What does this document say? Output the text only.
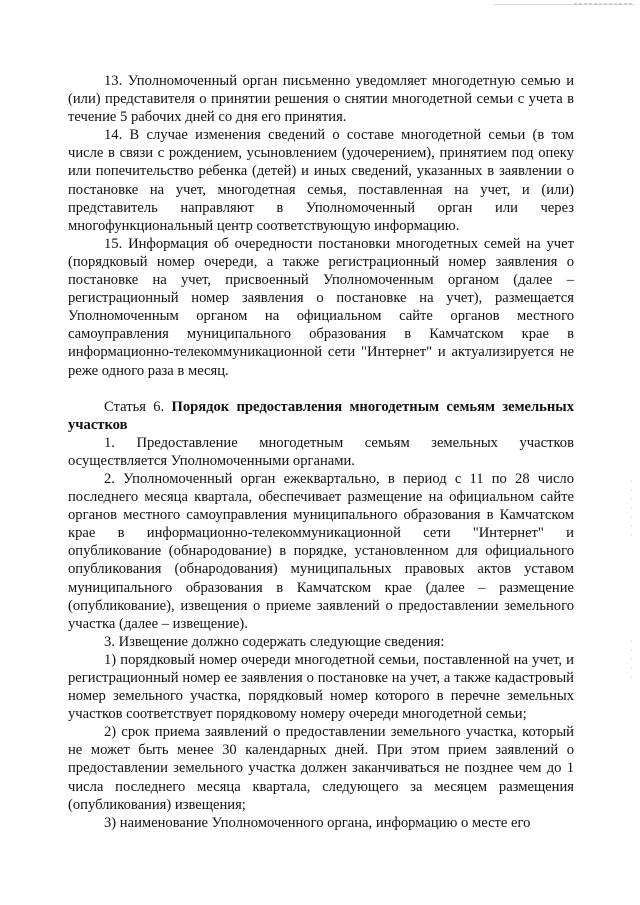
13. Уполномоченный орган письменно уведомляет многодетную семью и (или) представителя о принятии решения о снятии многодетной семьи с учета в течение 5 рабочих дней со дня его принятия.

14. В случае изменения сведений о составе многодетной семьи (в том числе в связи с рождением, усыновлением (удочерением), принятием под опеку или попечительство ребенка (детей) и иных сведений, указанных в заявлении о постановке на учет, многодетная семья, поставленная на учет, и (или) представитель направляют в Уполномоченный орган или через многофункциональный центр соответствующую информацию.

15. Информация об очередности постановки многодетных семей на учет (порядковый номер очереди, а также регистрационный номер заявления о постановке на учет, присвоенный Уполномоченным органом (далее – регистрационный номер заявления о постановке на учет), размещается Уполномоченным органом на официальном сайте органов местного самоуправления муниципального образования в Камчатском крае в информационно-телекоммуникационной сети "Интернет" и актуализируется не реже одного раза в месяц.

Статья 6. Порядок предоставления многодетным семьям земельных участков

1. Предоставление многодетным семьям земельных участков осуществляется Уполномоченными органами.

2. Уполномоченный орган ежеквартально, в период с 11 по 28 число последнего месяца квартала, обеспечивает размещение на официальном сайте органов местного самоуправления муниципального образования в Камчатском крае в информационно-телекоммуникационной сети "Интернет" и опубликование (обнародование) в порядке, установленном для официального опубликования (обнародования) муниципальных правовых актов уставом муниципального образования в Камчатском крае (далее – размещение (опубликование), извещения о приеме заявлений о предоставлении земельного участка (далее – извещение).

3. Извещение должно содержать следующие сведения:

1) порядковый номер очереди многодетной семьи, поставленной на учет, и регистрационный номер ее заявления о постановке на учет, а также кадастровый номер земельного участка, порядковый номер которого в перечне земельных участков соответствует порядковому номеру очереди многодетной семьи;

2) срок приема заявлений о предоставлении земельного участка, который не может быть менее 30 календарных дней. При этом прием заявлений о предоставлении земельного участка должен заканчиваться не позднее чем до 1 числа последнего месяца квартала, следующего за месяцем размещения (опубликования) извещения;

3) наименование Уполномоченного органа, информацию о месте его
